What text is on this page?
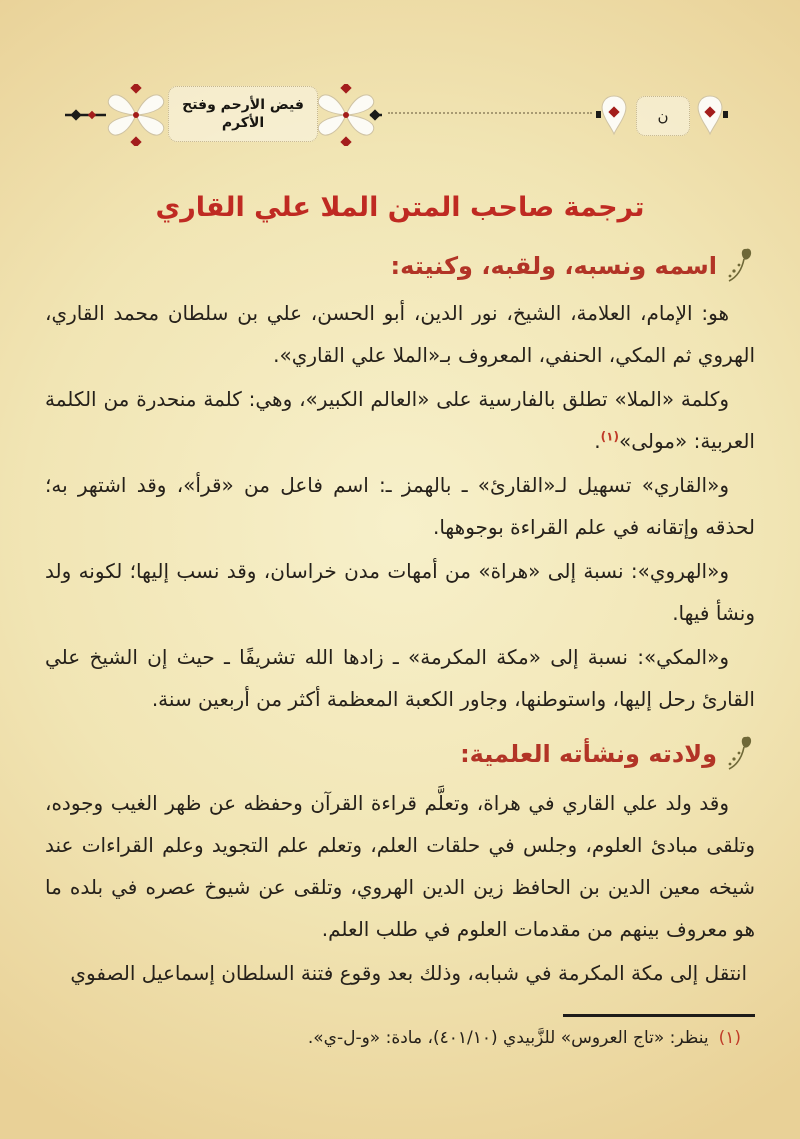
فيض الأرحم وفتح الأكرم	ن
ترجمة صاحب المتن الملا علي القاري
اسمه ونسبه، ولقبه، وكنيته:

هو: الإمام، العلامة، الشيخ، نور الدين، أبو الحسن، علي بن سلطان محمد القاري، الهروي ثم المكي، الحنفي، المعروف بـ«الملا علي القاري».

وكلمة «الملا» تطلق بالفارسية على «العالم الكبير»، وهي: كلمة منحدرة من الكلمة العربية: «مولى»$^{(١)}$.

و«القاري» تسهيل لـ«القارئ» ـ بالهمز ـ: اسم فاعل من «قرأ»، وقد اشتهر به؛ لحذقه وإتقانه في علم القراءة بوجوهها.

و«الهروي»: نسبة إلى «هراة» من أمهات مدن خراسان، وقد نسب إليها؛ لكونه ولد ونشأ فيها.

و«المكي»: نسبة إلى «مكة المكرمة» ـ زادها الله تشريفًا ـ حيث إن الشيخ علي القارئ رحل إليها، واستوطنها، وجاور الكعبة المعظمة أكثر من أربعين سنة.

ولادته ونشأته العلمية:

وقد ولد علي القاري في هراة، وتعلَّم قراءة القرآن وحفظه عن ظهر الغيب وجوده، وتلقى مبادئ العلوم، وجلس في حلقات العلم، وتعلم علم التجويد وعلم القراءات عند شيخه معين الدين بن الحافظ زين الدين الهروي، وتلقى عن شيوخ عصره في بلده ما هو معروف بينهم من مقدمات العلوم في طلب العلم.

انتقل إلى مكة المكرمة في شبابه، وذلك بعد وقوع فتنة السلطان إسماعيل الصفوي

(١)
ينظر: «تاج العروس» للزَّبيدي (٤٠١/١٠)، مادة: «و-ل-ي».
